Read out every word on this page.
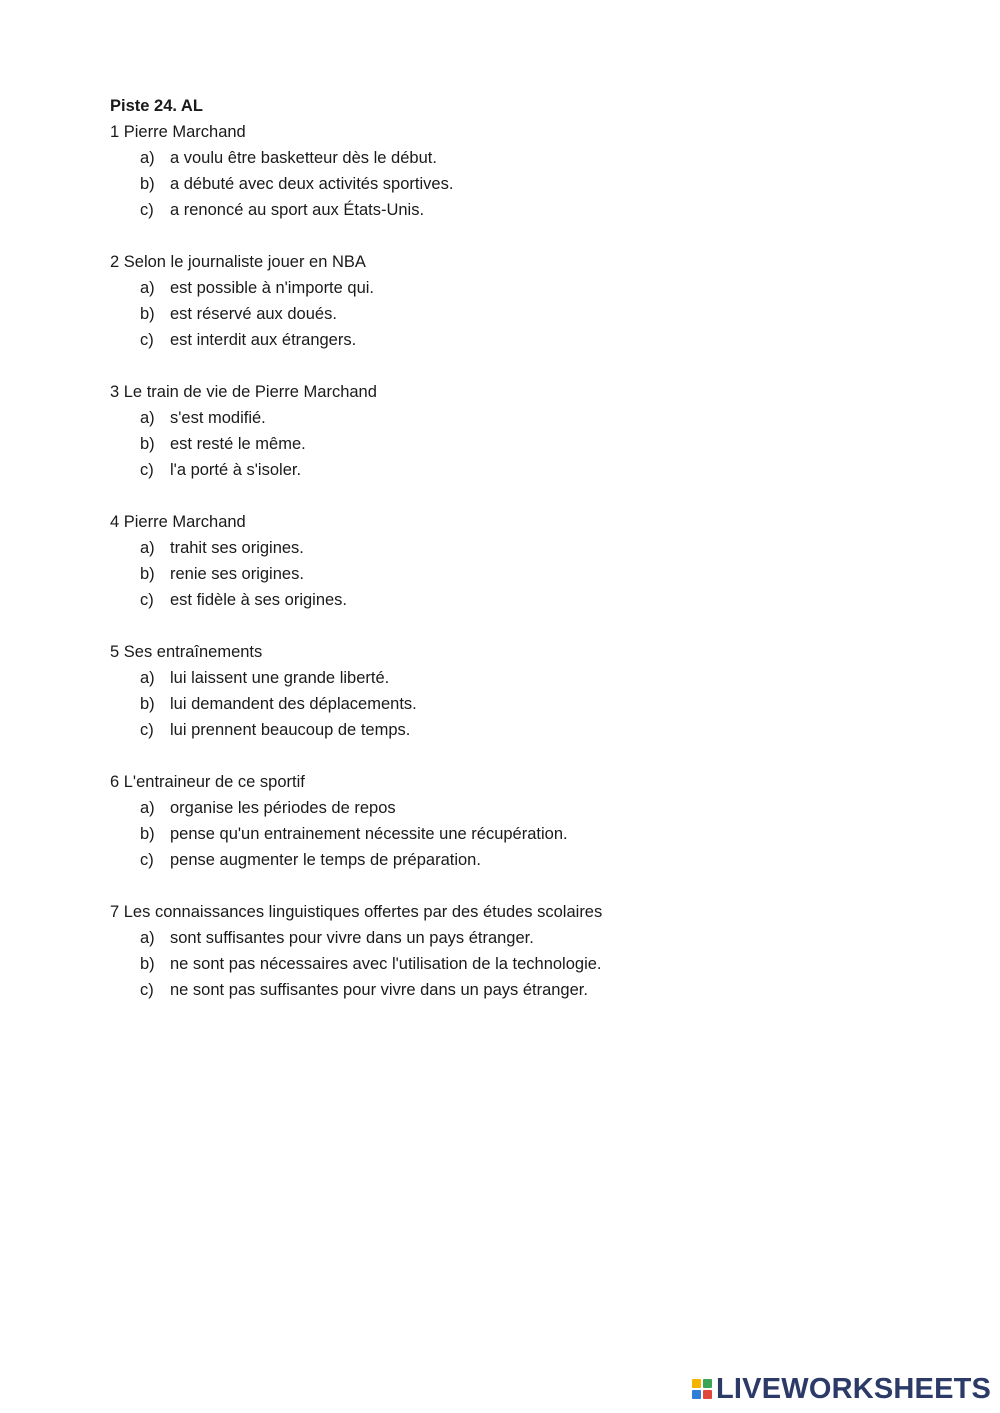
Piste 24. AL

1 Pierre Marchand

a) a voulu être basketteur dès le début.
b) a débuté avec deux activités sportives.
c) a renoncé au sport aux États-Unis.

2 Selon le journaliste jouer en NBA

a) est possible à n'importe qui.
b) est réservé aux doués.
c) est interdit aux étrangers.

3 Le train de vie de Pierre Marchand

a) s'est modifié.
b) est resté le même.
c) l'a porté à s'isoler.

4 Pierre Marchand

a) trahit ses origines.
b) renie ses origines.
c) est fidèle à ses origines.

5 Ses entraînements

a) lui laissent une grande liberté.
b) lui demandent des déplacements.
c) lui prennent beaucoup de temps.

6 L'entraineur de ce sportif

a) organise les périodes de repos
b) pense qu'un entrainement nécessite une récupération.
c) pense augmenter le temps de préparation.

7 Les connaissances linguistiques offertes par des études scolaires

a) sont suffisantes pour vivre dans un pays étranger.
b) ne sont pas nécessaires avec l'utilisation de la technologie.
c) ne sont pas suffisantes pour vivre dans un pays étranger.
LIVEWORKSHEETS
